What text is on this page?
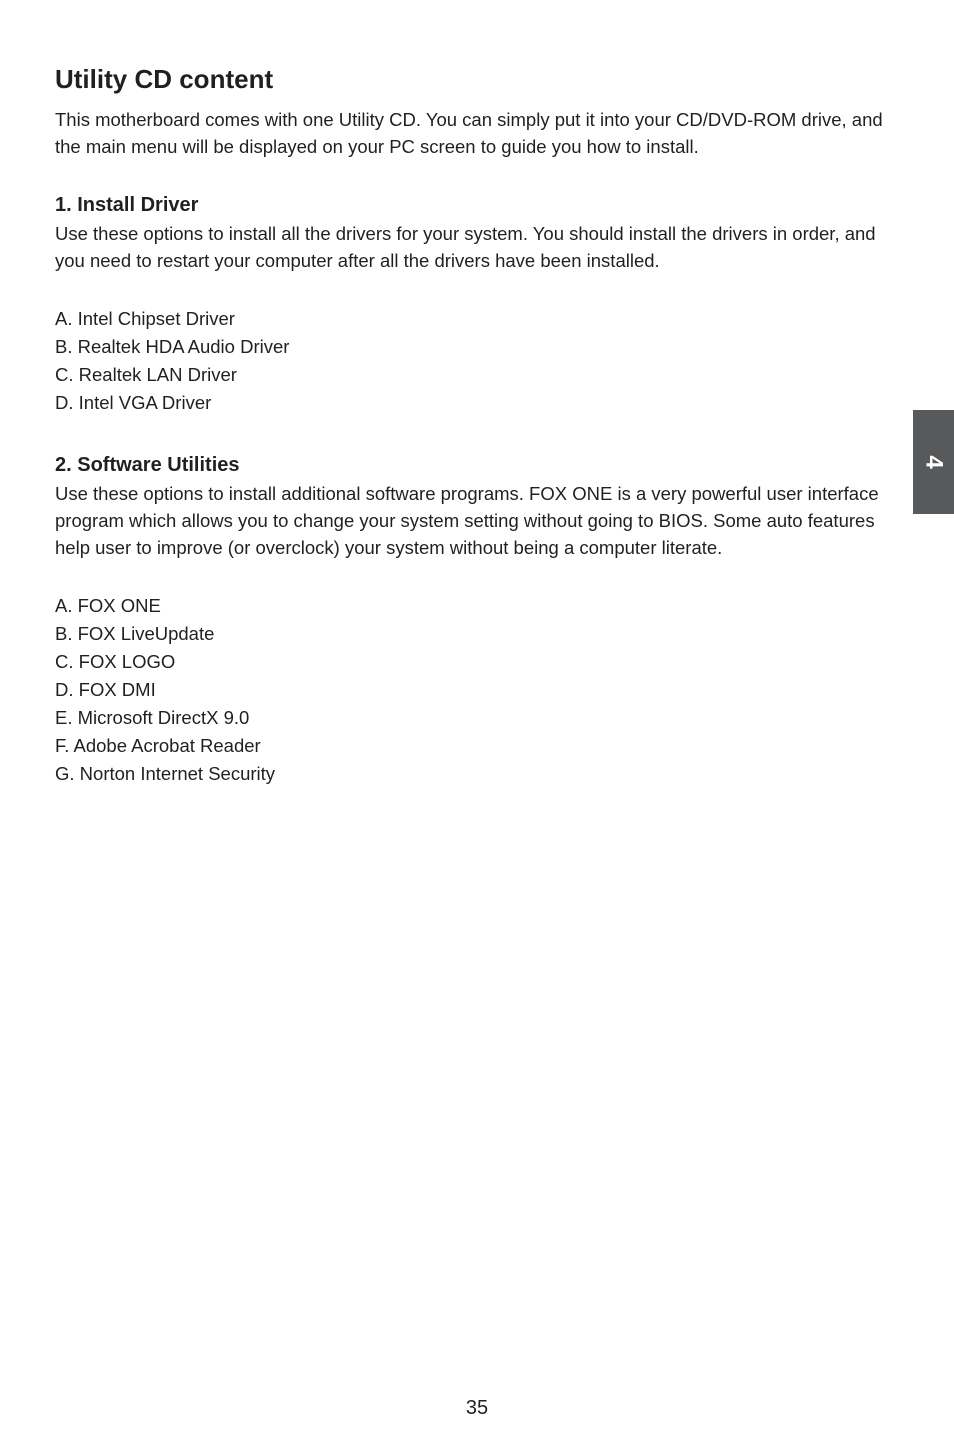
Utility CD content

This motherboard comes with one Utility CD. You can simply put it into your CD/DVD-ROM drive, and the main menu will be displayed on your PC screen to guide you how to install.

1. Install Driver

Use these options to install all the drivers for your system. You should install the drivers in order, and you need to restart your computer after all the drivers have been installed.

A. Intel Chipset Driver
B. Realtek HDA Audio Driver
C. Realtek LAN Driver
D. Intel VGA Driver
2. Software Utilities

Use these options to install additional software programs. FOX ONE is a very powerful user interface program which allows you to change your system setting without going to BIOS. Some auto features help user to improve (or overclock) your system without being a computer literate.

A. FOX ONE
B. FOX LiveUpdate
C. FOX LOGO
D. FOX DMI
E. Microsoft DirectX 9.0
F. Adobe Acrobat Reader
G. Norton Internet Security
4
35
